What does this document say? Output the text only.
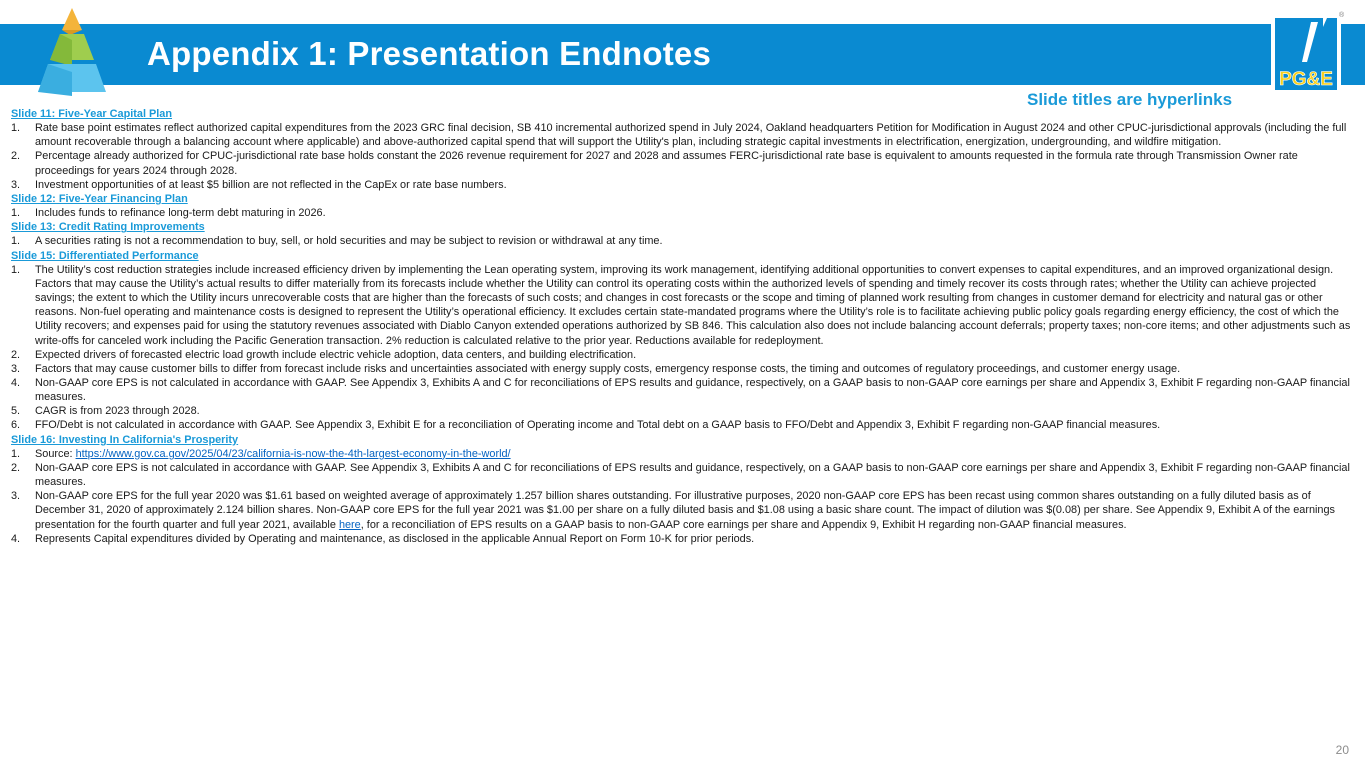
Appendix 1: Presentation Endnotes
PG&E
®

Slide titles are hyperlinks

Slide 11: Five-Year Capital Plan
1. Rate base point estimates reflect authorized capital expenditures from the 2023 GRC final decision, SB 410 incremental authorized spend in July 2024, Oakland headquarters Petition for Modification in August 2024 and other CPUC-jurisdictional approvals (including the full amount recoverable through a balancing account where applicable) and above-authorized capital spend that will support the Utility's plan, including strategic capital investments in electrification, energization, undergrounding, and wildfire mitigation.
2. Percentage already authorized for CPUC-jurisdictional rate base holds constant the 2026 revenue requirement for 2027 and 2028 and assumes FERC-jurisdictional rate base is equivalent to amounts requested in the formula rate through Transmission Owner rate proceedings for years 2024 through 2028.
3. Investment opportunities of at least $5 billion are not reflected in the CapEx or rate base numbers.
Slide 12: Five-Year Financing Plan
1. Includes funds to refinance long-term debt maturing in 2026.
Slide 13: Credit Rating Improvements
1. A securities rating is not a recommendation to buy, sell, or hold securities and may be subject to revision or withdrawal at any time.
Slide 15: Differentiated Performance
1. The Utility’s cost reduction strategies include increased efficiency driven by implementing the Lean operating system, improving its work management, identifying additional opportunities to convert expenses to capital expenditures, and an improved organizational design. Factors that may cause the Utility’s actual results to differ materially from its forecasts include whether the Utility can control its operating costs within the authorized levels of spending and timely recover its costs through rates; whether the Utility can achieve projected savings; the extent to which the Utility incurs unrecoverable costs that are higher than the forecasts of such costs; and changes in cost forecasts or the scope and timing of planned work resulting from changes in customer demand for electricity and natural gas or other reasons. Non-fuel operating and maintenance costs is designed to represent the Utility’s operational efficiency. It excludes certain state-mandated programs where the Utility’s role is to facilitate achieving public policy goals regarding energy efficiency, the cost of which the Utility recovers; and expenses paid for using the statutory revenues associated with Diablo Canyon extended operations authorized by SB 846. This calculation also does not include balancing account deferrals; property taxes; non-core items; and other adjustments such as write-offs for canceled work including the Pacific Generation transaction. 2% reduction is calculated relative to the prior year. Reductions available for redeployment.
2. Expected drivers of forecasted electric load growth include electric vehicle adoption, data centers, and building electrification.
3. Factors that may cause customer bills to differ from forecast include risks and uncertainties associated with energy supply costs, emergency response costs, the timing and outcomes of regulatory proceedings, and customer energy usage.
4. Non-GAAP core EPS is not calculated in accordance with GAAP. See Appendix 3, Exhibits A and C for reconciliations of EPS results and guidance, respectively, on a GAAP basis to non-GAAP core earnings per share and Appendix 3, Exhibit F regarding non-GAAP financial measures.
5. CAGR is from 2023 through 2028.
6. FFO/Debt is not calculated in accordance with GAAP. See Appendix 3, Exhibit E for a reconciliation of Operating income and Total debt on a GAAP basis to FFO/Debt and Appendix 3, Exhibit F regarding non-GAAP financial measures.
Slide 16: Investing In California's Prosperity
1. Source: https://www.gov.ca.gov/2025/04/23/california-is-now-the-4th-largest-economy-in-the-world/
2. Non-GAAP core EPS is not calculated in accordance with GAAP. See Appendix 3, Exhibits A and C for reconciliations of EPS results and guidance, respectively, on a GAAP basis to non-GAAP core earnings per share and Appendix 3, Exhibit F regarding non-GAAP financial measures.
3. Non-GAAP core EPS for the full year 2020 was $1.61 based on weighted average of approximately 1.257 billion shares outstanding. For illustrative purposes, 2020 non-GAAP core EPS has been recast using common shares outstanding on a fully diluted basis as of December 31, 2020 of approximately 2.124 billion shares. Non-GAAP core EPS for the full year 2021 was $1.00 per share on a fully diluted basis and $1.08 using a basic share count. The impact of dilution was $(0.08) per share. See Appendix 9, Exhibit A of the earnings presentation for the fourth quarter and full year 2021, available here, for a reconciliation of EPS results on a GAAP basis to non-GAAP core earnings per share and Appendix 9, Exhibit H regarding non-GAAP financial measures.
4. Represents Capital expenditures divided by Operating and maintenance, as disclosed in the applicable Annual Report on Form 10-K for prior periods.
20
